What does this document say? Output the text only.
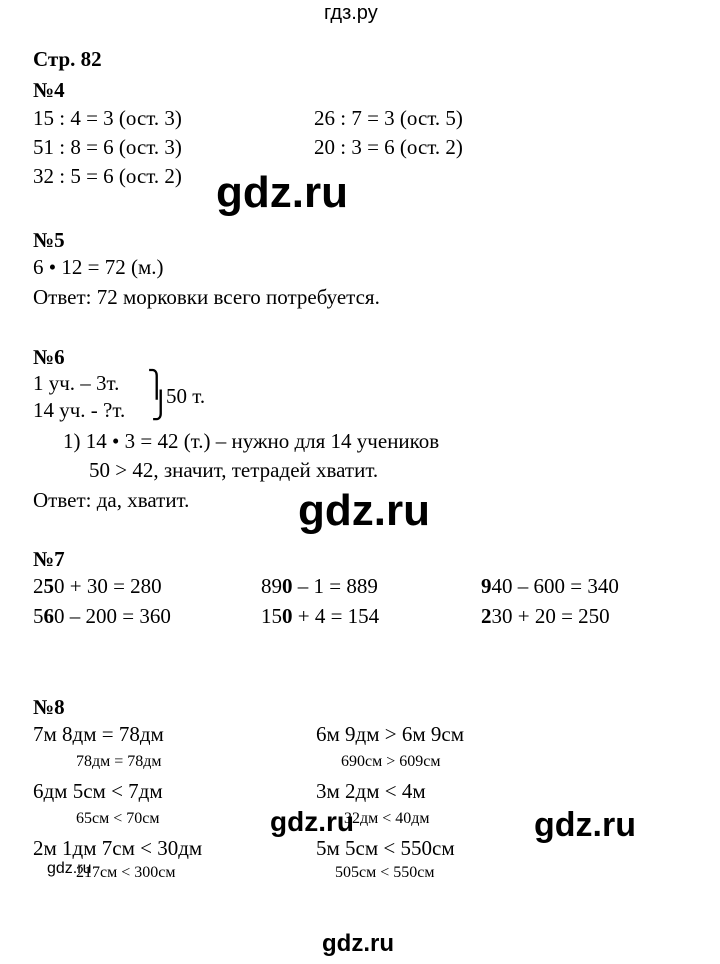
гдз.ру
Стр. 82
№4
15 : 4 = 3 (ост. 3)
51 : 8 = 6 (ост. 3)
32 : 5 = 6 (ост. 2)
26 : 7 = 3 (ост. 5)
20 : 3 = 6 (ост. 2)
gdz.ru
№5
6 • 12 = 72 (м.)
Ответ: 72 морковки всего потребуется.
№6
1 уч. – 3т.
14 уч. - ?т.
⎫
⎭
50 т.
1) 14 • 3 = 42 (т.) – нужно для 14 учеников
50 > 42, значит, тетрадей хватит.
Ответ: да, хватит. gdz.ru
№7
250 + 30 = 280
560 – 200 = 360
890 – 1 = 889
150 + 4 = 154
940 – 600 = 340
230 + 20 = 250
№8
7м 8дм = 78дм
78дм = 78дм
6дм 5см < 7дм
65см < 70см
2м 1дм 7см < 30дм
217см < 300см
6м 9дм > 6м 9см
690см > 609см
3м 2дм < 4м
32дм < 40дм
5м 5см < 550см
505см < 550см
gdz.ru	gdz.ru
gdz.ru
gdz.ru
